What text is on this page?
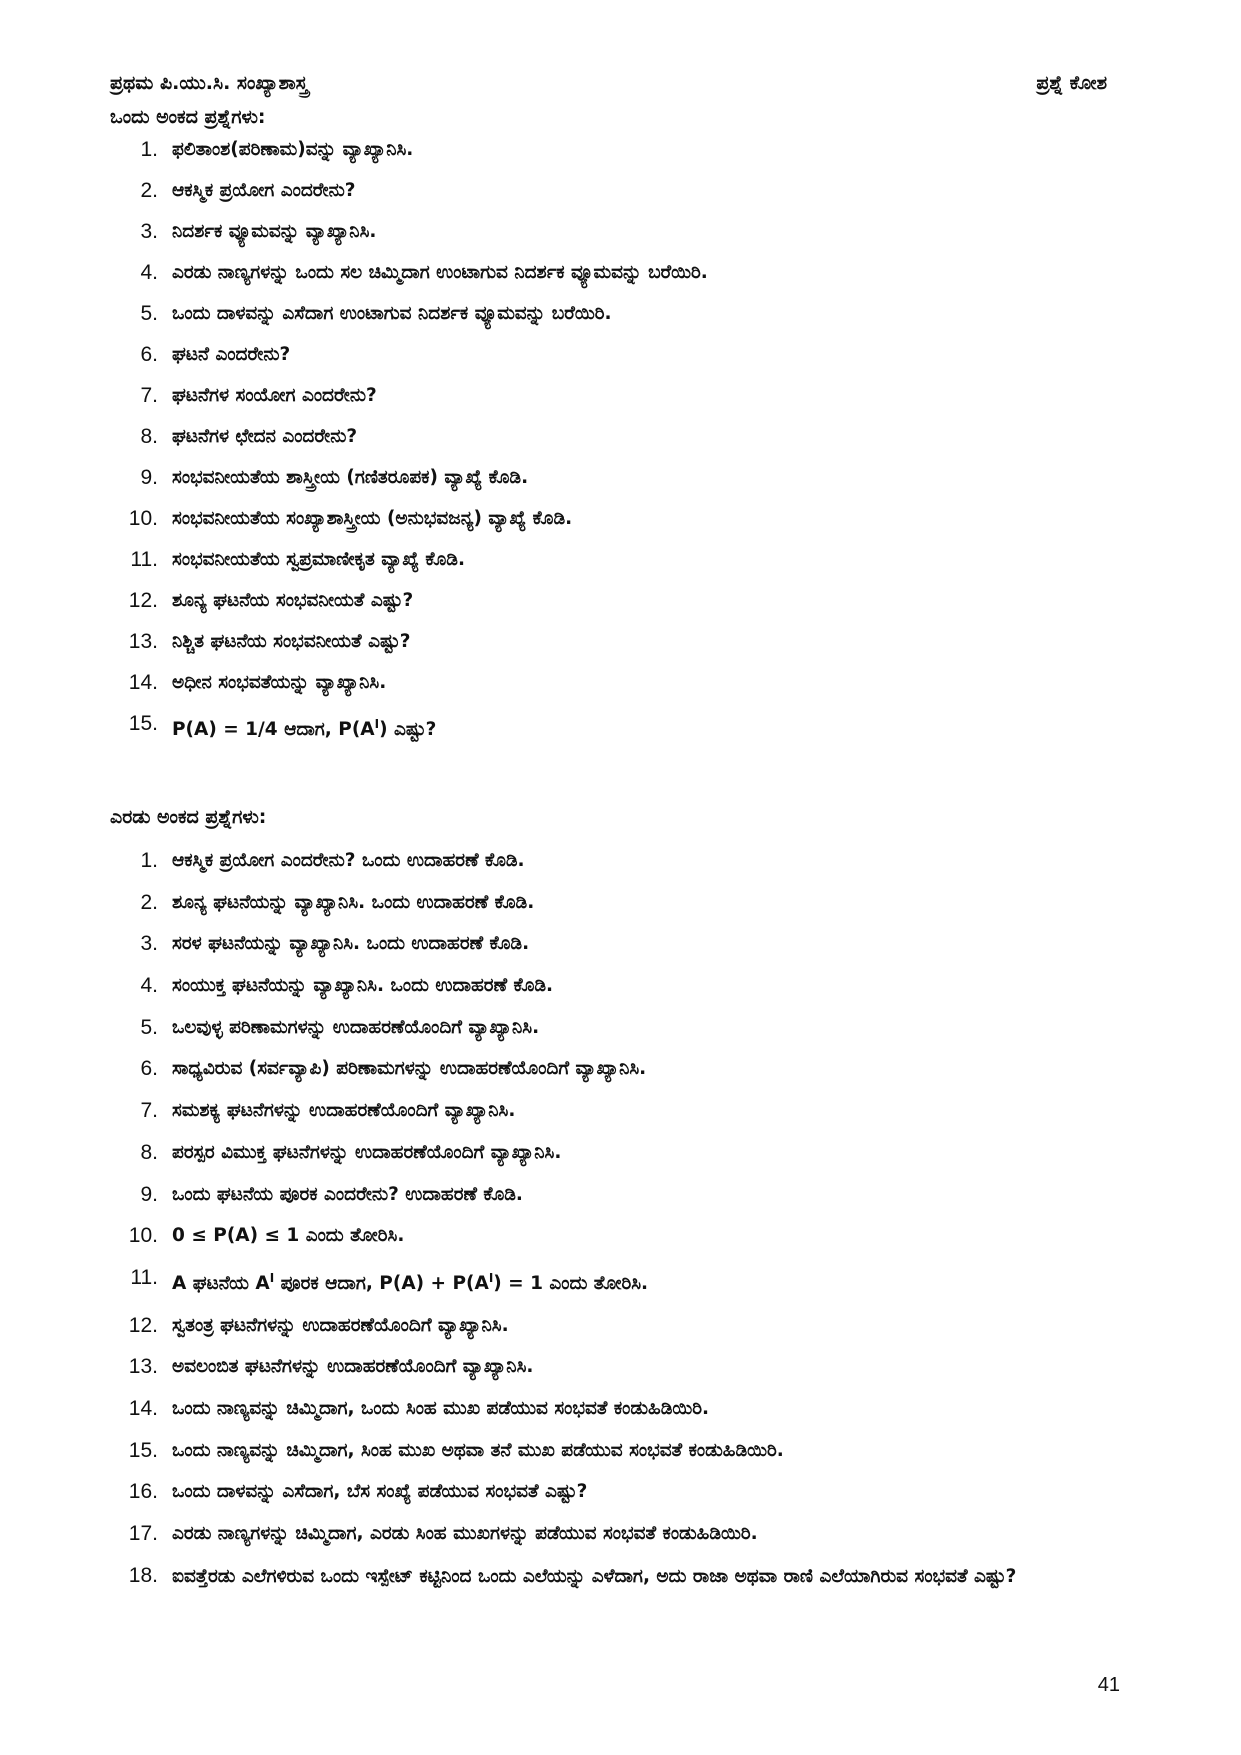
ಪ್ರಥಮ ಪಿ.ಯು.ಸಿ. ಸಂಖ್ಯಾಶಾಸ್ತ್ರ	ಪ್ರಶ್ನೆ ಕೋಶ
ಒಂದು ಅಂಕದ ಪ್ರಶ್ನೆಗಳು:
1. ಫಲಿತಾಂಶ(ಪರಿಣಾಮ)ವನ್ನು ವ್ಯಾಖ್ಯಾನಿಸಿ.
2. ಆಕಸ್ಮಿಕ ಪ್ರಯೋಗ ಎಂದರೇನು?
3. ನಿದರ್ಶಕ ವ್ಯೂಮವನ್ನು ವ್ಯಾಖ್ಯಾನಿಸಿ.
4. ಎರಡು ನಾಣ್ಯಗಳನ್ನು ಒಂದು ಸಲ ಚಿಮ್ಮಿದಾಗ ಉಂಟಾಗುವ ನಿದರ್ಶಕ ವ್ಯೂಮವನ್ನು ಬರೆಯಿರಿ.
5. ಒಂದು ದಾಳವನ್ನು ಎಸೆದಾಗ ಉಂಟಾಗುವ ನಿದರ್ಶಕ ವ್ಯೂಮವನ್ನು ಬರೆಯಿರಿ.
6. ಘಟನೆ ಎಂದರೇನು?
7. ಘಟನೆಗಳ ಸಂಯೋಗ ಎಂದರೇನು?
8. ಘಟನೆಗಳ ಛೇದನ ಎಂದರೇನು?
9. ಸಂಭವನೀಯತೆಯ ಶಾಸ್ತ್ರೀಯ (ಗಣಿತರೂಪಕ) ವ್ಯಾಖ್ಯೆ ಕೊಡಿ.
10. ಸಂಭವನೀಯತೆಯ ಸಂಖ್ಯಾಶಾಸ್ತ್ರೀಯ (ಅನುಭವಜನ್ಯ) ವ್ಯಾಖ್ಯೆ ಕೊಡಿ.
11. ಸಂಭವನೀಯತೆಯ ಸ್ವಪ್ರಮಾಣೀಕೃತ ವ್ಯಾಖ್ಯೆ ಕೊಡಿ.
12. ಶೂನ್ಯ ಘಟನೆಯ ಸಂಭವನೀಯತೆ ಎಷ್ಟು?
13. ನಿಶ್ಚಿತ ಘಟನೆಯ ಸಂಭವನೀಯತೆ ಎಷ್ಟು?
14. ಅಧೀನ ಸಂಭವತೆಯನ್ನು ವ್ಯಾಖ್ಯಾನಿಸಿ.
15. P(A) = 1/4 ಆದಾಗ, $P(A^I)$ ಎಷ್ಟು?
ಎರಡು ಅಂಕದ ಪ್ರಶ್ನೆಗಳು:
1. ಆಕಸ್ಮಿಕ ಪ್ರಯೋಗ ಎಂದರೇನು? ಒಂದು ಉದಾಹರಣೆ ಕೊಡಿ.
2. ಶೂನ್ಯ ಘಟನೆಯನ್ನು ವ್ಯಾಖ್ಯಾನಿಸಿ. ಒಂದು ಉದಾಹರಣೆ ಕೊಡಿ.
3. ಸರಳ ಘಟನೆಯನ್ನು ವ್ಯಾಖ್ಯಾನಿಸಿ. ಒಂದು ಉದಾಹರಣೆ ಕೊಡಿ.
4. ಸಂಯುಕ್ತ ಘಟನೆಯನ್ನು ವ್ಯಾಖ್ಯಾನಿಸಿ. ಒಂದು ಉದಾಹರಣೆ ಕೊಡಿ.
5. ಒಲವುಳ್ಳ ಪರಿಣಾಮಗಳನ್ನು ಉದಾಹರಣೆಯೊಂದಿಗೆ ವ್ಯಾಖ್ಯಾನಿಸಿ.
6. ಸಾಧ್ಯವಿರುವ (ಸರ್ವವ್ಯಾಪಿ) ಪರಿಣಾಮಗಳನ್ನು ಉದಾಹರಣೆಯೊಂದಿಗೆ ವ್ಯಾಖ್ಯಾನಿಸಿ.
7. ಸಮಶಕ್ಯ ಘಟನೆಗಳನ್ನು ಉದಾಹರಣೆಯೊಂದಿಗೆ ವ್ಯಾಖ್ಯಾನಿಸಿ.
8. ಪರಸ್ಪರ ವಿಮುಕ್ತ ಘಟನೆಗಳನ್ನು ಉದಾಹರಣೆಯೊಂದಿಗೆ ವ್ಯಾಖ್ಯಾನಿಸಿ.
9. ಒಂದು ಘಟನೆಯ ಪೂರಕ ಎಂದರೇನು? ಉದಾಹರಣೆ ಕೊಡಿ.
10. 0 ≤ P(A) ≤ 1 ಎಂದು ತೋರಿಸಿ.
11. A ಘಟನೆಯ $A^I$ ಪೂರಕ ಆದಾಗ, $P(A) + P(A^I) = 1$ ಎಂದು ತೋರಿಸಿ.
12. ಸ್ವತಂತ್ರ ಘಟನೆಗಳನ್ನು ಉದಾಹರಣೆಯೊಂದಿಗೆ ವ್ಯಾಖ್ಯಾನಿಸಿ.
13. ಅವಲಂಬಿತ ಘಟನೆಗಳನ್ನು ಉದಾಹರಣೆಯೊಂದಿಗೆ ವ್ಯಾಖ್ಯಾನಿಸಿ.
14. ಒಂದು ನಾಣ್ಯವನ್ನು ಚಿಮ್ಮಿದಾಗ, ಒಂದು ಸಿಂಹ ಮುಖ ಪಡೆಯುವ ಸಂಭವತೆ ಕಂಡುಹಿಡಿಯಿರಿ.
15. ಒಂದು ನಾಣ್ಯವನ್ನು ಚಿಮ್ಮಿದಾಗ, ಸಿಂಹ ಮುಖ ಅಥವಾ ತನೆ ಮುಖ ಪಡೆಯುವ ಸಂಭವತೆ ಕಂಡುಹಿಡಿಯಿರಿ.
16. ಒಂದು ದಾಳವನ್ನು ಎಸೆದಾಗ, ಬೆಸ ಸಂಖ್ಯೆ ಪಡೆಯುವ ಸಂಭವತೆ ಎಷ್ಟು?
17. ಎರಡು ನಾಣ್ಯಗಳನ್ನು ಚಿಮ್ಮಿದಾಗ, ಎರಡು ಸಿಂಹ ಮುಖಗಳನ್ನು ಪಡೆಯುವ ಸಂಭವತೆ ಕಂಡುಹಿಡಿಯಿರಿ.
18. ಐವತ್ತೆರಡು ಎಲೆಗಳಿರುವ ಒಂದು ಇಸ್ಪೇಟ್ ಕಟ್ಟಿನಿಂದ ಒಂದು ಎಲೆಯನ್ನು ಎಳೆದಾಗ, ಅದು ರಾಜಾ ಅಥವಾ ರಾಣಿ ಎಲೆಯಾಗಿರುವ ಸಂಭವತೆ ಎಷ್ಟು?
41
